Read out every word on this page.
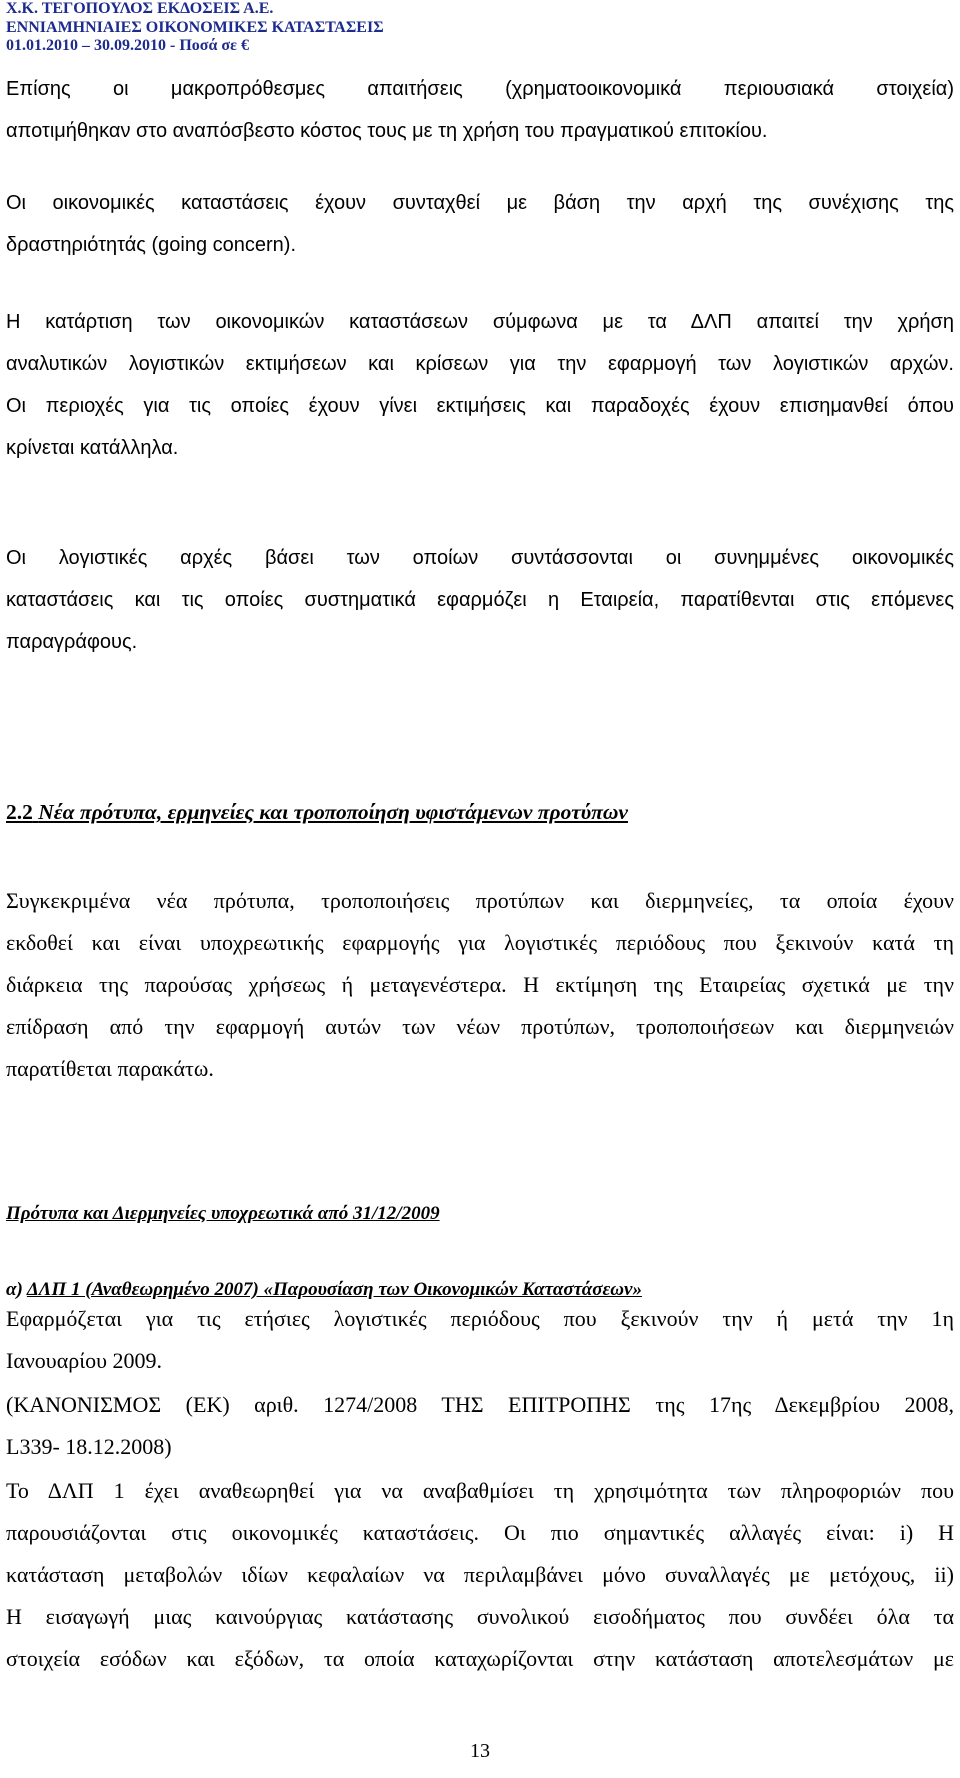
Χ.Κ. ΤΕΓΟΠΟΥΛΟΣ ΕΚΔΟΣΕΙΣ Α.Ε.
ΕΝΝΙΑΜΗΝΙΑΙΕΣ ΟΙΚΟΝΟΜΙΚΕΣ ΚΑΤΑΣΤΑΣΕΙΣ
01.01.2010 – 30.09.2010 - Ποσά σε €
Επίσης οι μακροπρόθεσμες απαιτήσεις (χρηματοοικονομικά περιουσιακά στοιχεία)
αποτιμήθηκαν στο αναπόσβεστο κόστος τους με τη χρήση του πραγματικού επιτοκίου.
Οι οικονομικές καταστάσεις έχουν συνταχθεί με βάση την αρχή της συνέχισης της
δραστηριότητάς (going concern).
Η κατάρτιση των οικονομικών καταστάσεων σύμφωνα με τα ΔΛΠ απαιτεί την χρήση
αναλυτικών λογιστικών εκτιμήσεων και κρίσεων για την εφαρμογή των λογιστικών αρχών.
Οι περιοχές για τις οποίες έχουν γίνει εκτιμήσεις και παραδοχές έχουν επισημανθεί όπου
κρίνεται κατάλληλα.
Οι λογιστικές αρχές βάσει των οποίων συντάσσονται οι συνημμένες οικονομικές
καταστάσεις και τις οποίες συστηματικά εφαρμόζει η Εταιρεία, παρατίθενται στις επόμενες
παραγράφους.
2.2 Νέα πρότυπα, ερμηνείες και τροποποίηση υφιστάμενων προτύπων
Συγκεκριμένα νέα πρότυπα, τροποποιήσεις προτύπων και διερμηνείες, τα οποία έχουν
εκδοθεί και είναι υποχρεωτικής εφαρμογής για λογιστικές περιόδους που ξεκινούν κατά τη
διάρκεια της παρούσας χρήσεως ή μεταγενέστερα. Η εκτίμηση της Εταιρείας σχετικά με την
επίδραση από την εφαρμογή αυτών των νέων προτύπων, τροποποιήσεων και διερμηνειών
παρατίθεται παρακάτω.
Πρότυπα και Διερμηνείες υποχρεωτικά από 31/12/2009
α) ΔΛΠ 1 (Αναθεωρημένο 2007) «Παρουσίαση των Οικονομικών Καταστάσεων»
Εφαρμόζεται για τις ετήσιες λογιστικές περιόδους που ξεκινούν την ή μετά την 1η
Ιανουαρίου 2009.
(ΚΑΝΟΝΙΣΜΟΣ (ΕΚ) αριθ. 1274/2008 ΤΗΣ ΕΠΙΤΡΟΠΗΣ της 17ης Δεκεμβρίου 2008,
L339- 18.12.2008)
Το ΔΛΠ 1 έχει αναθεωρηθεί για να αναβαθμίσει τη χρησιμότητα των πληροφοριών που
παρουσιάζονται στις οικονομικές καταστάσεις. Οι πιο σημαντικές αλλαγές είναι: i) Η
κατάσταση μεταβολών ιδίων κεφαλαίων να περιλαμβάνει μόνο συναλλαγές με μετόχους, ii)
Η εισαγωγή μιας καινούργιας κατάστασης συνολικού εισοδήματος που συνδέει όλα τα
στοιχεία εσόδων και εξόδων, τα οποία καταχωρίζονται στην κατάσταση αποτελεσμάτων με
13
